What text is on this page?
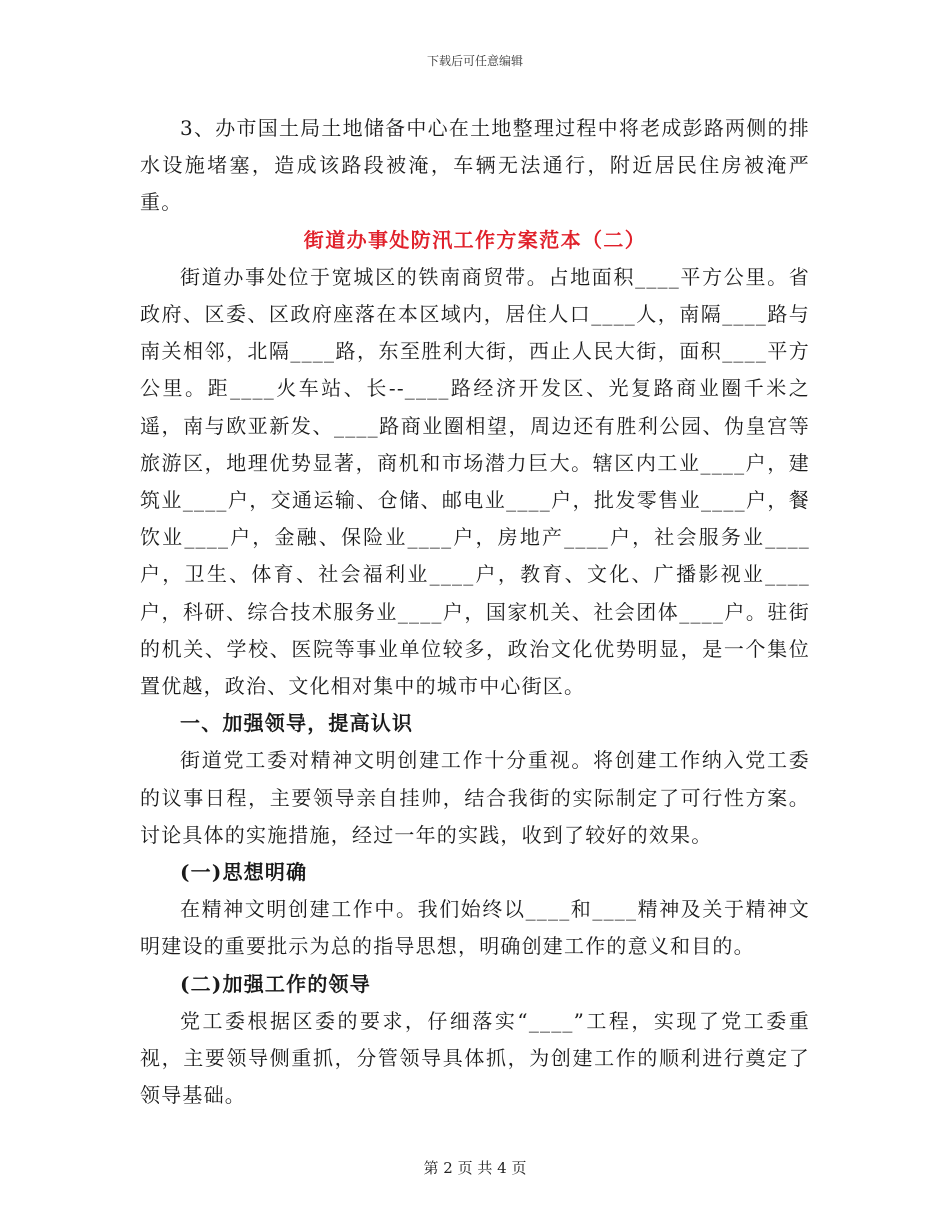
下载后可任意编辑

3、办市国土局土地储备中心在土地整理过程中将老成彭路两侧的排水设施堵塞，造成该路段被淹，车辆无法通行，附近居民住房被淹严重。

街道办事处防汛工作方案范本（二）

街道办事处位于宽城区的铁南商贸带。占地面积____平方公里。省政府、区委、区政府座落在本区域内，居住人口____人，南隔____路与南关相邻，北隔____路，东至胜利大街，西止人民大街，面积____平方公里。距____火车站、长--____路经济开发区、光复路商业圈千米之遥，南与欧亚新发、____路商业圈相望，周边还有胜利公园、伪皇宫等旅游区，地理优势显著，商机和市场潜力巨大。辖区内工业____户，建筑业____户，交通运输、仓储、邮电业____户，批发零售业____户，餐饮业____户，金融、保险业____户，房地产____户，社会服务业____户，卫生、体育、社会福利业____户，教育、文化、广播影视业____户，科研、综合技术服务业____户，国家机关、社会团体____户。驻街的机关、学校、医院等事业单位较多，政治文化优势明显，是一个集位置优越，政治、文化相对集中的城市中心街区。

一、加强领导，提高认识

街道党工委对精神文明创建工作十分重视。将创建工作纳入党工委的议事日程，主要领导亲自挂帅，结合我街的实际制定了可行性方案。讨论具体的实施措施，经过一年的实践，收到了较好的效果。

(一)思想明确

在精神文明创建工作中。我们始终以____和____精神及关于精神文明建设的重要批示为总的指导思想，明确创建工作的意义和目的。

(二)加强工作的领导

党工委根据区委的要求，仔细落实“____”工程，实现了党工委重视，主要领导侧重抓，分管领导具体抓，为创建工作的顺利进行奠定了领导基础。

第 2 页 共 4 页
